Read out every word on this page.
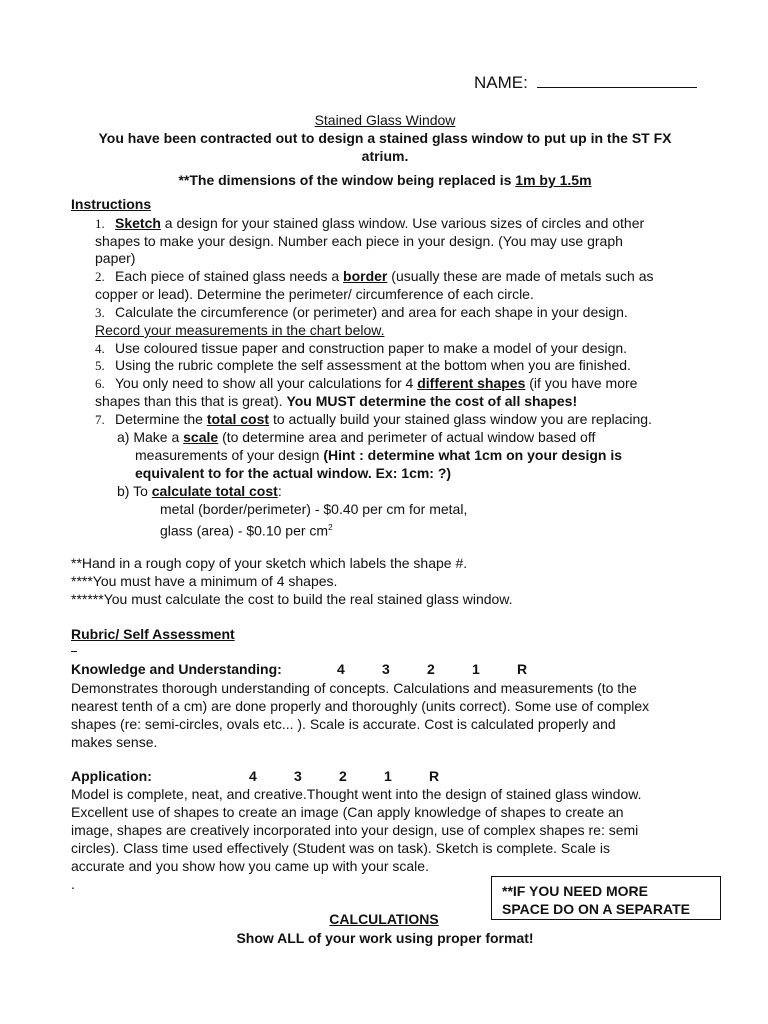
NAME:
Stained Glass Window
You have been contracted out to design a stained glass window to put up in the ST FX
atrium.
**The dimensions of the window being replaced is 1m by 1.5m
Instructions
1. Sketch a design for your stained glass window. Use various sizes of circles and other
shapes to make your design. Number each piece in your design. (You may use graph
paper)
2. Each piece of stained glass needs a border (usually these are made of metals such as
copper or lead). Determine the perimeter/ circumference of each circle.
3. Calculate the circumference (or perimeter) and area for each shape in your design.
Record your measurements in the chart below.
4. Use coloured tissue paper and construction paper to make a model of your design.
5. Using the rubric complete the self assessment at the bottom when you are finished.
6. You only need to show all your calculations for 4 different shapes (if you have more
shapes than this that is great). You MUST determine the cost of all shapes!
7. Determine the total cost to actually build your stained glass window you are replacing.
a) Make a scale (to determine area and perimeter of actual window based off
measurements of your design (Hint : determine what 1cm on your design is
equivalent to for the actual window. Ex: 1cm: ?)
b) To calculate total cost:
metal (border/perimeter) - $0.40 per cm for metal,
glass (area) - $0.10 per $cm^2$
**Hand in a rough copy of your sketch which labels the shape #.
****You must have a minimum of 4 shapes.
******You must calculate the cost to build the real stained glass window.
Rubric/ Self Assessment
Knowledge and Understanding:	4	3	2	1	R
Demonstrates thorough understanding of concepts. Calculations and measurements (to the
nearest tenth of a cm) are done properly and thoroughly (units correct). Some use of complex
shapes (re: semi-circles, ovals etc... ). Scale is accurate. Cost is calculated properly and
makes sense.
Application:	4	3	2	1	R
Model is complete, neat, and creative.Thought went into the design of stained glass window.
Excellent use of shapes to create an image (Can apply knowledge of shapes to create an
image, shapes are creatively incorporated into your design, use of complex shapes re: semi
circles). Class time used effectively (Student was on task). Sketch is complete. Scale is
accurate and you show how you came up with your scale.
.	**IF YOU NEED MORE
SPACE DO ON A SEPARATE
CALCULATIONS
Show ALL of your work using proper format!
